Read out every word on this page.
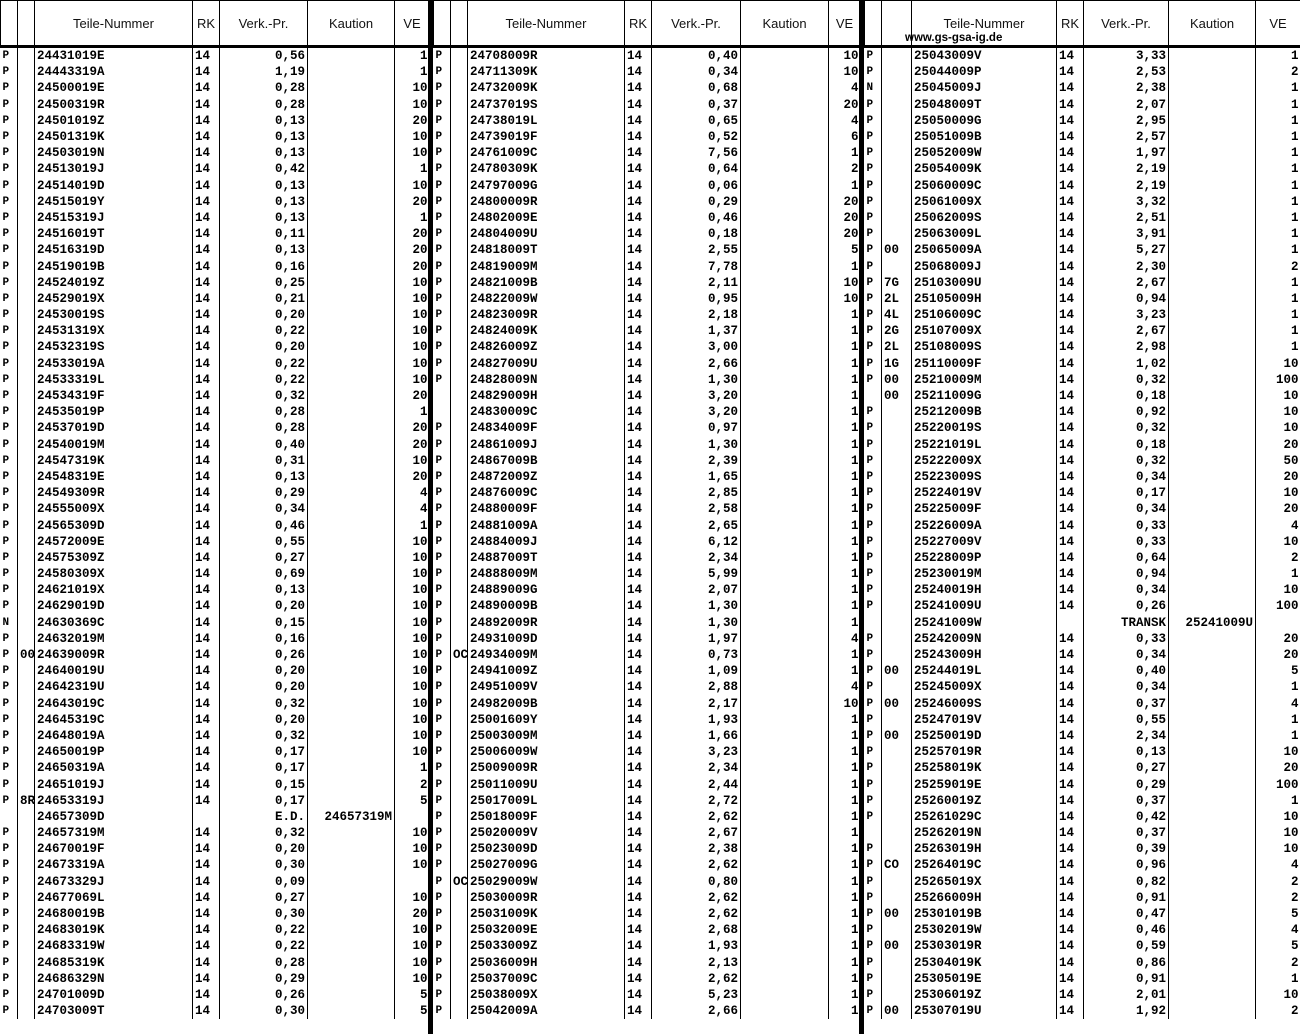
		Teile-Nummer	RK	Verk.-Pr.	Kaution	VE
P		24431019E	14	0,56		1
P		24443319A	14	1,19		1
P		24500019E	14	0,28		10
P		24500319R	14	0,28		10
P		24501019Z	14	0,13		20
P		24501319K	14	0,13		10
P		24503019N	14	0,13		10
P		24513019J	14	0,42		1
P		24514019D	14	0,13		10
P		24515019Y	14	0,13		20
P		24515319J	14	0,13		1
P		24516019T	14	0,11		20
P		24516319D	14	0,13		20
P		24519019B	14	0,16		20
P		24524019Z	14	0,25		10
P		24529019X	14	0,21		10
P		24530019S	14	0,20		10
P		24531319X	14	0,22		10
P		24532319S	14	0,20		10
P		24533019A	14	0,22		10
P		24533319L	14	0,22		10
P		24534319F	14	0,32		20
P		24535019P	14	0,28		1
P		24537019D	14	0,28		20
P		24540019M	14	0,40		20
P		24547319K	14	0,31		10
P		24548319E	14	0,13		20
P		24549309R	14	0,29		4
P		24555009X	14	0,34		4
P		24565309D	14	0,46		1
P		24572009E	14	0,55		10
P		24575309Z	14	0,27		10
P		24580309X	14	0,69		10
P		24621019X	14	0,13		10
P		24629019D	14	0,20		10
N		24630369C	14	0,15		10
P		24632019M	14	0,16		10
P	00	24639009R	14	0,26		10
P		24640019U	14	0,20		10
P		24642319U	14	0,20		10
P		24643019C	14	0,32		10
P		24645319C	14	0,20		10
P		24648019A	14	0,32		10
P		24650019P	14	0,17		10
P		24650319A	14	0,17		1
P		24651019J	14	0,15		2
P	8R	24653319J	14	0,17		5
		24657309D		E.D.	24657319M	
P		24657319M	14	0,32		10
P		24670019F	14	0,20		10
P		24673319A	14	0,30		10
P		24673329J	14	0,09		
P		24677069L	14	0,27		10
P		24680019B	14	0,30		20
P		24683019K	14	0,22		10
P		24683319W	14	0,22		10
P		24685319K	14	0,28		10
P		24686329N	14	0,29		10
P		24701009D	14	0,26		5
P		24703009T	14	0,30		5
		Teile-Nummer	RK	Verk.-Pr.	Kaution	VE
P		24708009R	14	0,40		10
P		24711309K	14	0,34		10
P		24732009K	14	0,68		4
P		24737019S	14	0,37		20
P		24738019L	14	0,65		4
P		24739019F	14	0,52		6
P		24761009C	14	7,56		1
P		24780309K	14	0,64		2
P		24797009G	14	0,06		1
P		24800009R	14	0,29		20
P		24802009E	14	0,46		20
P		24804009U	14	0,18		20
P		24818009T	14	2,55		5
P		24819009M	14	7,78		1
P		24821009B	14	2,11		10
P		24822009W	14	0,95		10
P		24823009R	14	2,18		1
P		24824009K	14	1,37		1
P		24826009Z	14	3,00		1
P		24827009U	14	2,66		1
P		24828009N	14	1,30		1
		24829009H	14	3,20		1
		24830009C	14	3,20		1
P		24834009F	14	0,97		1
P		24861009J	14	1,30		1
P		24867009B	14	2,39		1
P		24872009Z	14	1,65		1
P		24876009C	14	2,85		1
P		24880009F	14	2,58		1
P		24881009A	14	2,65		1
P		24884009J	14	6,12		1
P		24887009T	14	2,34		1
P		24888009M	14	5,99		1
P		24889009G	14	2,07		1
P		24890009B	14	1,30		1
P		24892009R	14	1,30		1
P		24931009D	14	1,97		4
P	OC	24934009M	14	0,73		1
P		24941009Z	14	1,09		1
P		24951009V	14	2,88		4
P		24982009B	14	2,17		10
P		25001609Y	14	1,93		1
P		25003009M	14	1,66		1
P		25006009W	14	3,23		1
P		25009009R	14	2,34		1
P		25011009U	14	2,44		1
P		25017009L	14	2,72		1
P		25018009F	14	2,62		1
P		25020009V	14	2,67		1
P		25023009D	14	2,38		1
P		25027009G	14	2,62		1
P	OC	25029009W	14	0,80		1
P		25030009R	14	2,62		1
P		25031009K	14	2,62		1
P		25032009E	14	2,68		1
P		25033009Z	14	1,93		1
P		25036009H	14	2,13		1
P		25037009C	14	2,62		1
P		25038009X	14	5,23		1
P		25042009A	14	2,66		1
		Teile-Nummer	RK	Verk.-Pr.	Kaution	VE
P		25043009V	14	3,33		1
P		25044009P	14	2,53		2
N		25045009J	14	2,38		1
P		25048009T	14	2,07		1
P		25050009G	14	2,95		1
P		25051009B	14	2,57		1
P		25052009W	14	1,97		1
P		25054009K	14	2,19		1
P		25060009C	14	2,19		1
P		25061009X	14	3,32		1
P		25062009S	14	2,51		1
P		25063009L	14	3,91		1
P	00	25065009A	14	5,27		1
P		25068009J	14	2,30		2
P	7G	25103009U	14	2,67		1
P	2L	25105009H	14	0,94		1
P	4L	25106009C	14	3,23		1
P	2G	25107009X	14	2,67		1
P	2L	25108009S	14	2,98		1
P	1G	25110009F	14	1,02		10
P	00	25210009M	14	0,32		100
	00	25211009G	14	0,18		10
P		25212009B	14	0,92		10
P		25220019S	14	0,32		10
P		25221019L	14	0,18		20
P		25222009X	14	0,32		50
P		25223009S	14	0,34		20
P		25224019V	14	0,17		10
P		25225009F	14	0,34		20
P		25226009A	14	0,33		4
P		25227009V	14	0,33		10
P		25228009P	14	0,64		2
P		25230019M	14	0,94		1
P		25240019H	14	0,34		10
P		25241009U	14	0,26		100
		25241009W		TRANSK	25241009U	
P		25242009N	14	0,33		20
P		25243009H	14	0,34		20
P	00	25244019L	14	0,40		5
P		25245009X	14	0,34		1
P	00	25246009S	14	0,37		4
P		25247019V	14	0,55		1
P	00	25250019D	14	2,34		1
P		25257019R	14	0,13		10
P		25258019K	14	0,27		20
P		25259019E	14	0,29		100
P		25260019Z	14	0,37		1
P		25261029C	14	0,42		10
		25262019N	14	0,37		10
P		25263019H	14	0,39		10
P	CO	25264019C	14	0,96		4
P		25265019X	14	0,82		2
P		25266009H	14	0,91		2
P	00	25301019B	14	0,47		5
P		25302019W	14	0,46		4
P	00	25303019R	14	0,59		5
P		25304019K	14	0,86		2
P		25305019E	14	0,91		1
P		25306019Z	14	2,01		10
P	00	25307019U	14	1,92		2
www.gs-gsa-ig.de
